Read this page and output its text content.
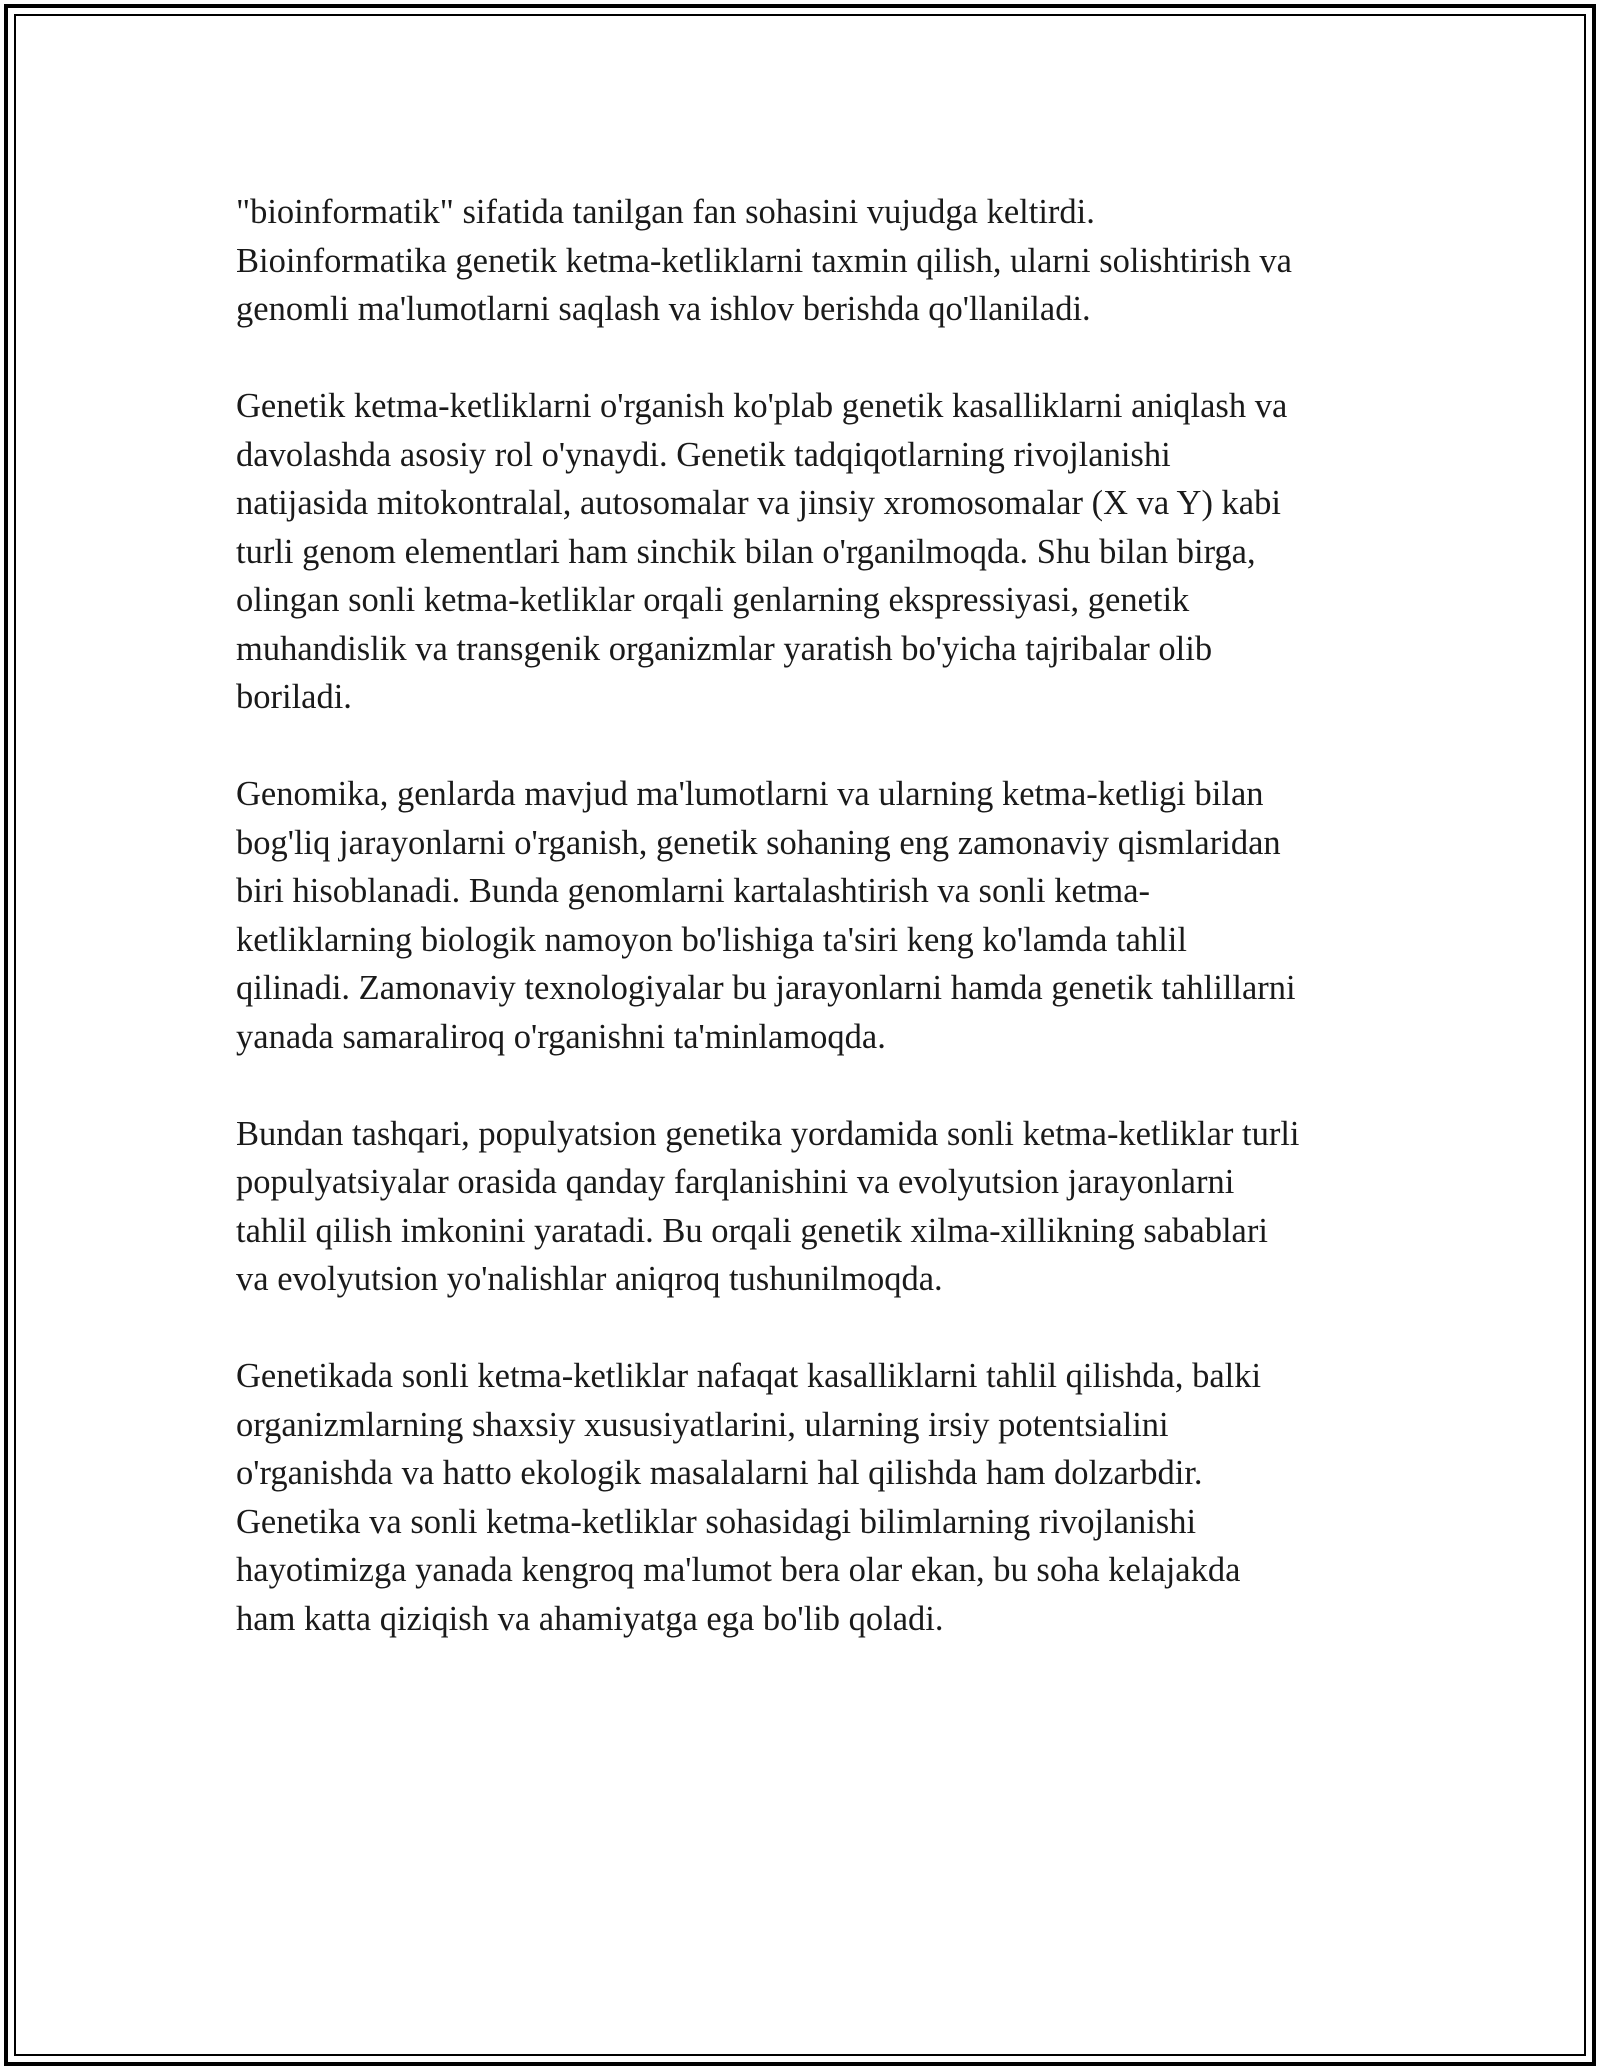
"bioinformatik" sifatida tanilgan fan sohasini vujudga keltirdi.
Bioinformatika genetik ketma-ketliklarni taxmin qilish, ularni solishtirish va
genomli ma'lumotlarni saqlash va ishlov berishda qo'llaniladi.

Genetik ketma-ketliklarni o'rganish ko'plab genetik kasalliklarni aniqlash va
davolashda asosiy rol o'ynaydi. Genetik tadqiqotlarning rivojlanishi
natijasida mitokontralal, autosomalar va jinsiy xromosomalar (X va Y) kabi
turli genom elementlari ham sinchik bilan o'rganilmoqda. Shu bilan birga,
olingan sonli ketma-ketliklar orqali genlarning ekspressiyasi, genetik
muhandislik va transgenik organizmlar yaratish bo'yicha tajribalar olib
boriladi.

Genomika, genlarda mavjud ma'lumotlarni va ularning ketma-ketligi bilan
bog'liq jarayonlarni o'rganish, genetik sohaning eng zamonaviy qismlaridan
biri hisoblanadi. Bunda genomlarni kartalashtirish va sonli ketma-
ketliklarning biologik namoyon bo'lishiga ta'siri keng ko'lamda tahlil
qilinadi. Zamonaviy texnologiyalar bu jarayonlarni hamda genetik tahlillarni
yanada samaraliroq o'rganishni ta'minlamoqda.

Bundan tashqari, populyatsion genetika yordamida sonli ketma-ketliklar turli
populyatsiyalar orasida qanday farqlanishini va evolyutsion jarayonlarni
tahlil qilish imkonini yaratadi. Bu orqali genetik xilma-xillikning sabablari
va evolyutsion yo'nalishlar aniqroq tushunilmoqda.

Genetikada sonli ketma-ketliklar nafaqat kasalliklarni tahlil qilishda, balki
organizmlarning shaxsiy xususiyatlarini, ularning irsiy potentsialini
o'rganishda va hatto ekologik masalalarni hal qilishda ham dolzarbdir.
Genetika va sonli ketma-ketliklar sohasidagi bilimlarning rivojlanishi
hayotimizga yanada kengroq ma'lumot bera olar ekan, bu soha kelajakda
ham katta qiziqish va ahamiyatga ega bo'lib qoladi.
